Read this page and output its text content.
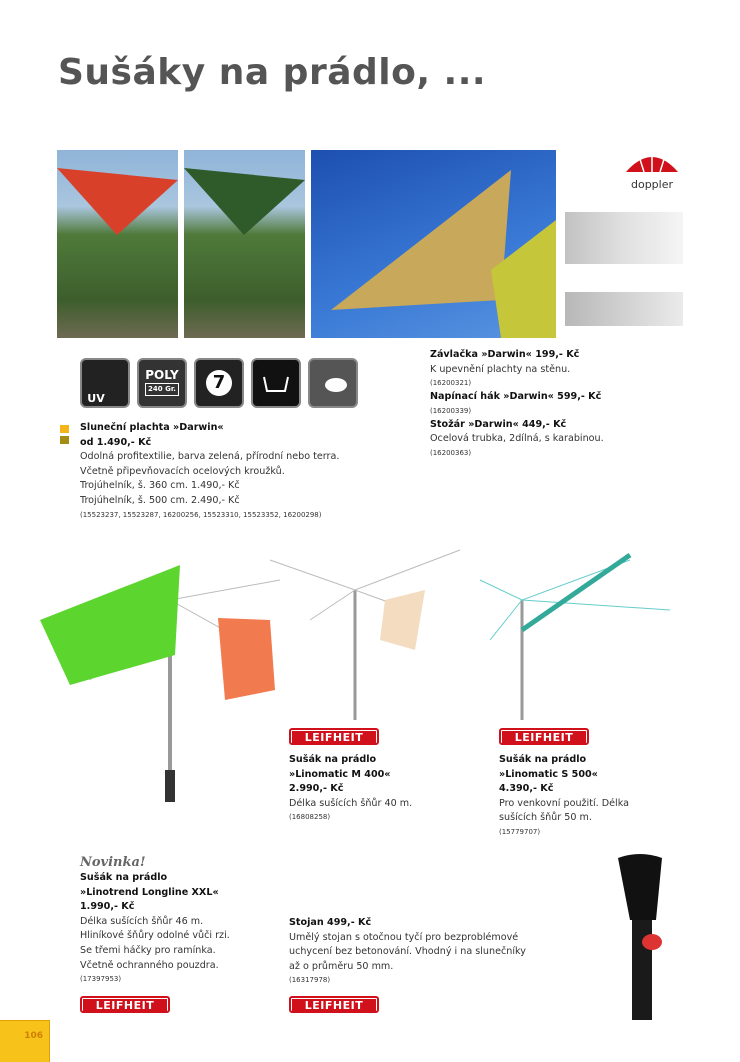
Sušáky na prádlo, ...
doppler
UV
POLY
240 Gr.	7
Sluneční plachta »Darwin«
od 1.490,- Kč
Odolná profitextilie, barva zelená, přírodní nebo terra.
Včetně připevňovacích ocelových kroužků.
Trojúhelník, š. 360 cm. 1.490,- Kč
Trojúhelník, š. 500 cm. 2.490,- Kč
(15523237, 15523287, 16200256, 15523310, 15523352, 16200298)
Závlačka »Darwin« 199,- Kč
K upevnění plachty na stěnu.
(16200321)
Napínací hák »Darwin« 599,- Kč
(16200339)
Stožár »Darwin« 449,- Kč
Ocelová trubka, 2dílná, s karabinou.
(16200363)
LEIFHEIT	LEIFHEIT
LEIFHEIT	LEIFHEIT
Sušák na prádlo
»Linomatic M 400«
2.990,- Kč
Délka sušících šňůr 40 m.
(16808258)
Sušák na prádlo
»Linomatic S 500«
4.390,- Kč
Pro venkovní použití. Délka
sušících šňůr 50 m.
(15779707)
Novinka!
Sušák na prádlo
»Linotrend Longline XXL«
1.990,- Kč
Délka sušících šňůr 46 m.
Hliníkové šňůry odolné vůči rzi.
Se třemi háčky pro ramínka.
Včetně ochranného pouzdra.
(17397953)
Stojan 499,- Kč
Umělý stojan s otočnou tyčí pro bezproblémové
uchycení bez betonování. Vhodný i na slunečníky
až o průměru 50 mm.
(16317978)
106
